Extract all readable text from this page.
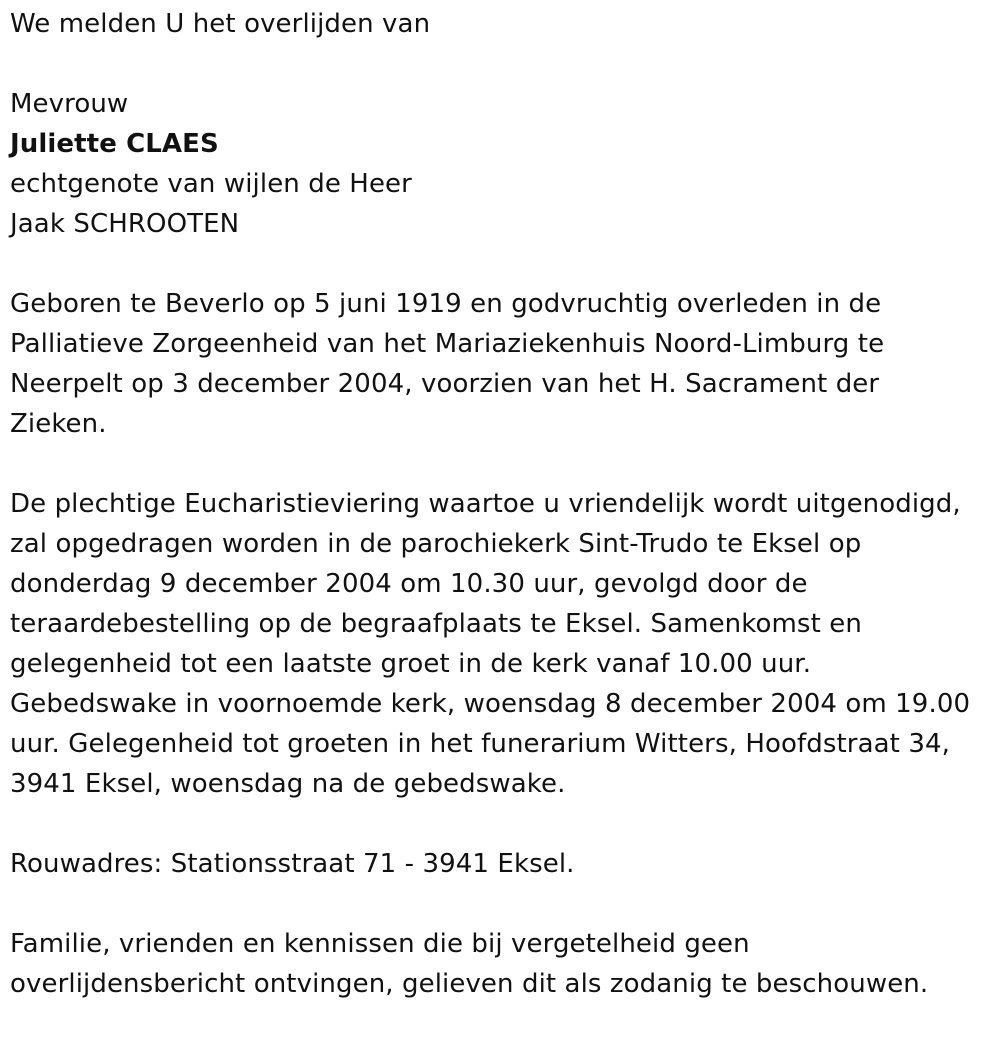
We melden U het overlijden van

Mevrouw

Juliette CLAES

echtgenote van wijlen de Heer

Jaak SCHROOTEN

Geboren te Beverlo op 5 juni 1919 en godvruchtig overleden in de

Palliatieve Zorgeenheid van het Mariaziekenhuis Noord-Limburg te

Neerpelt op 3 december 2004, voorzien van het H. Sacrament der

Zieken.

De plechtige Eucharistieviering waartoe u vriendelijk wordt uitgenodigd,

zal opgedragen worden in de parochiekerk Sint-Trudo te Eksel op

donderdag 9 december 2004 om 10.30 uur, gevolgd door de

teraardebestelling op de begraafplaats te Eksel. Samenkomst en

gelegenheid tot een laatste groet in de kerk vanaf 10.00 uur.

Gebedswake in voornoemde kerk, woensdag 8 december 2004 om 19.00

uur. Gelegenheid tot groeten in het funerarium Witters, Hoofdstraat 34,

3941 Eksel, woensdag na de gebedswake.

Rouwadres: Stationsstraat 71 - 3941 Eksel.

Familie, vrienden en kennissen die bij vergetelheid geen

overlijdensbericht ontvingen, gelieven dit als zodanig te beschouwen.
